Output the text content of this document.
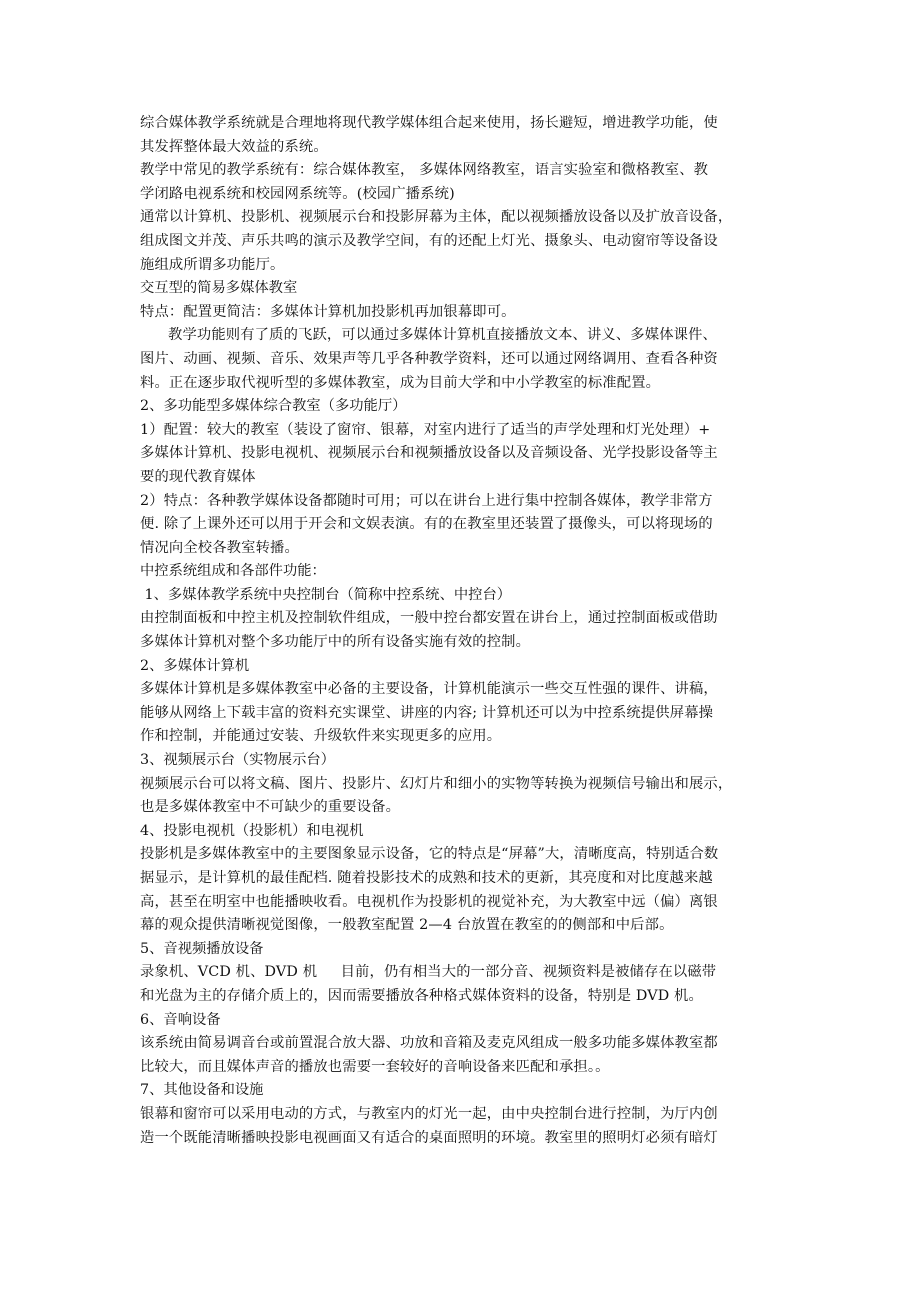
综合媒体教学系统就是合理地将现代教学媒体组合起来使用，扬长避短，增进教学功能，使
其发挥整体最大效益的系统。
教学中常见的教学系统有：综合媒体教室， 多媒体网络教室，语言实验室和微格教室、教
学闭路电视系统和校园网系统等。(校园广播系统)
通常以计算机、投影机、视频展示台和投影屏幕为主体，配以视频播放设备以及扩放音设备，
组成图文并茂、声乐共鸣的演示及教学空间，有的还配上灯光、摄象头、电动窗帘等设备设
施组成所谓多功能厅。
交互型的简易多媒体教室
特点：配置更简洁：多媒体计算机加投影机再加银幕即可。
教学功能则有了质的飞跃，可以通过多媒体计算机直接播放文本、讲义、多媒体课件、
图片、动画、视频、音乐、效果声等几乎各种教学资料，还可以通过网络调用、查看各种资
料。正在逐步取代视听型的多媒体教室，成为目前大学和中小学教室的标准配置。
2、多功能型多媒体综合教室（多功能厅）
1）配置：较大的教室（装设了窗帘、银幕，对室内进行了适当的声学处理和灯光处理）+
多媒体计算机、投影电视机、视频展示台和视频播放设备以及音频设备、光学投影设备等主
要的现代教育媒体
2）特点：各种教学媒体设备都随时可用；可以在讲台上进行集中控制各媒体，教学非常方
便. 除了上课外还可以用于开会和文娱表演。有的在教室里还装置了摄像头，可以将现场的
情况向全校各教室转播。
中控系统组成和各部件功能：
1、多媒体教学系统中央控制台（简称中控系统、中控台）
由控制面板和中控主机及控制软件组成，一般中控台都安置在讲台上，通过控制面板或借助
多媒体计算机对整个多功能厅中的所有设备实施有效的控制。
2、多媒体计算机
多媒体计算机是多媒体教室中必备的主要设备，计算机能演示一些交互性强的课件、讲稿，
能够从网络上下载丰富的资料充实课堂、讲座的内容; 计算机还可以为中控系统提供屏幕操
作和控制，并能通过安装、升级软件来实现更多的应用。
3、视频展示台（实物展示台）
视频展示台可以将文稿、图片、投影片、幻灯片和细小的实物等转换为视频信号输出和展示，
也是多媒体教室中不可缺少的重要设备。
4、投影电视机（投影机）和电视机
投影机是多媒体教室中的主要图象显示设备，它的特点是“屏幕”大，清晰度高，特别适合数
据显示，是计算机的最佳配档. 随着投影技术的成熟和技术的更新，其亮度和对比度越来越
高，甚至在明室中也能播映收看。电视机作为投影机的视觉补充，为大教室中远（偏）离银
幕的观众提供清晰视觉图像，一般教室配置 2—4 台放置在教室的的侧部和中后部。
5、音视频播放设备
录象机、VCD 机、DVD 机     目前，仍有相当大的一部分音、视频资料是被储存在以磁带
和光盘为主的存储介质上的，因而需要播放各种格式媒体资料的设备，特别是 DVD 机。
6、音响设备
该系统由简易调音台或前置混合放大器、功放和音箱及麦克风组成一般多功能多媒体教室都
比较大，而且媒体声音的播放也需要一套较好的音响设备来匹配和承担。。
7、其他设备和设施
银幕和窗帘可以采用电动的方式，与教室内的灯光一起，由中央控制台进行控制，为厅内创
造一个既能清晰播映投影电视画面又有适合的桌面照明的环境。教室里的照明灯必须有暗灯
